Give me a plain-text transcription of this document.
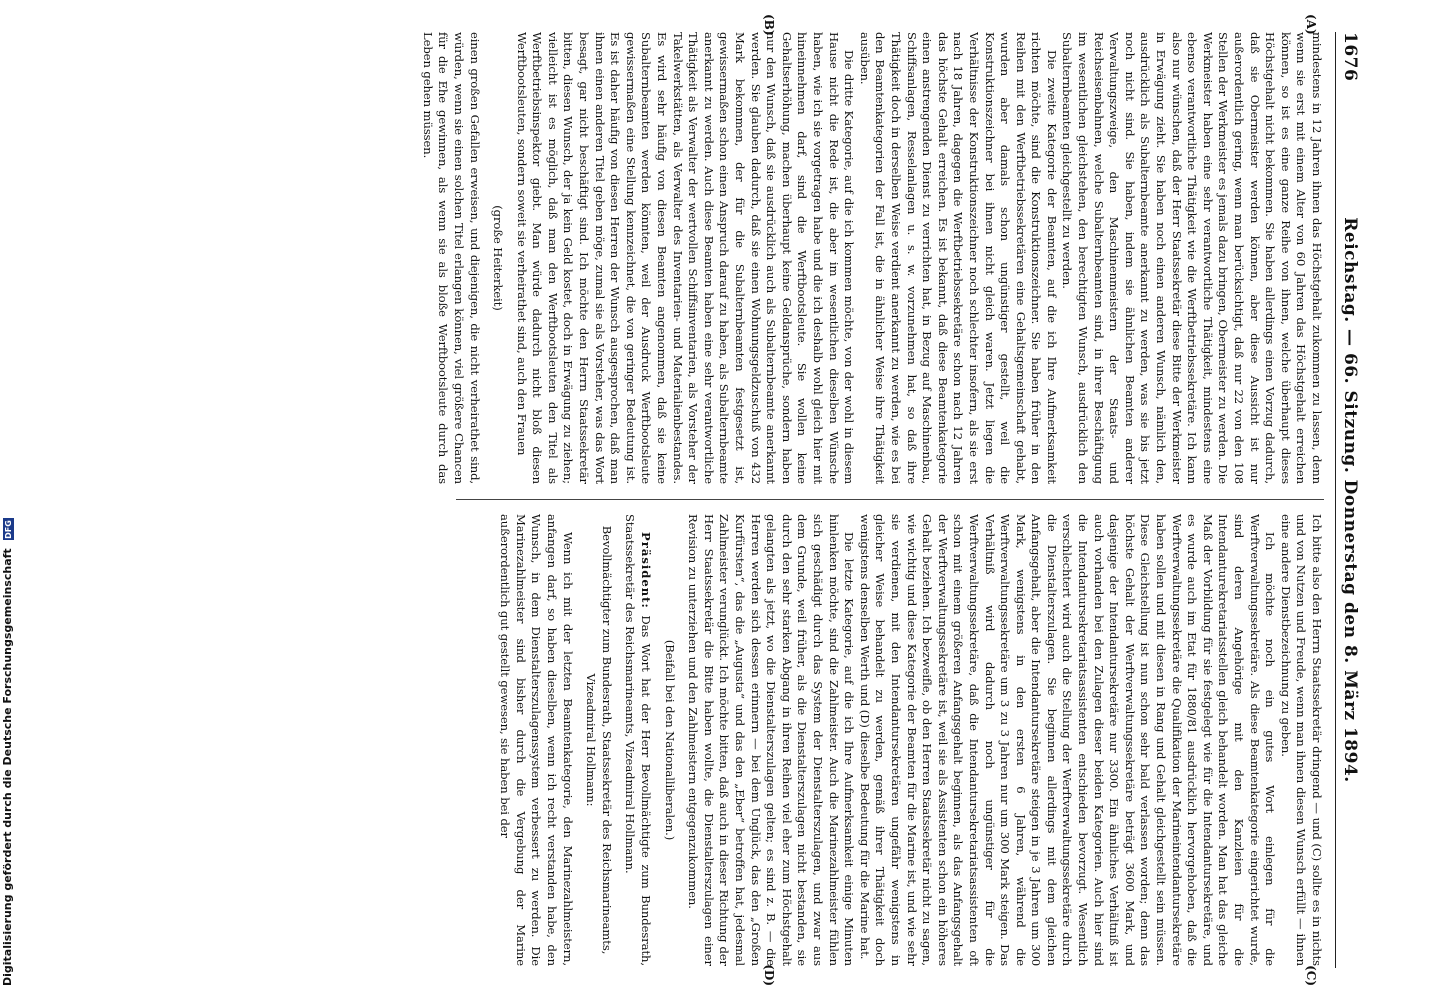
1676
Reichstag. — 66. Sitzung. Donnerstag den 8. März 1894.
(A)
(B)
(C)
(D)

mindestens in 12 Jahren ihnen das Höchstgehalt zukommen zu lassen, denn wenn sie erst mit einem Alter von 60 Jahren das Höchstgehalt erreichen können, so ist es eine ganze Reihe von ihnen, welche überhaupt dieses Höchstgehalt nicht bekommen. Sie haben allerdings einen Vorzug dadurch, daß sie Obermeister werden können, aber diese Aussicht ist nur außerordentlich gering, wenn man berücksichtigt, daß nur 22 von den 108 Stellen der Werkmeister es jemals dazu bringen, Obermeister zu werden. Die Werkmeister haben eine sehr verantwortliche Thätigkeit, mindestens eine ebenso verantwortliche Thätigkeit wie die Werftbetriebssekretäre. Ich kann also nur wünschen, daß der Herr Staatssekretär diese Bitte der Werkmeister in Erwägung zieht. Sie haben noch einen anderen Wunsch, nämlich den, ausdrücklich als Subalternbeamte anerkannt zu werden, was sie bis jetzt noch nicht sind. Sie haben, indem sie ähnlichen Beamten anderer Verwaltungszweige, den Maschinenmeistern der Staats- und Reichseisenbahnen, welche Subalternbeamten sind, in ihrer Beschäftigung im wesentlichen gleichstehen, den berechtigten Wunsch, ausdrücklich den Subalternbeamten gleichgestellt zu werden.

Die zweite Kategorie der Beamten, auf die ich Ihre Aufmerksamkeit richten möchte, sind die Konstruktionszeichner. Sie haben früher in den Reihen mit den Werftbetriebssekretären eine Gehaltsgemeinschaft gehabt, wurden aber damals schon ungünstiger gestellt, weil die Konstruktionszeichner bei ihnen nicht gleich waren. Jetzt liegen die Verhältnisse der Konstruktionszeichner noch schlechter insofern, als sie erst nach 18 Jahren, dagegen die Werftbetriebssekretäre schon nach 12 Jahren das höchste Gehalt erreichen. Es ist bekannt, daß diese Beamtenkategorie einen anstrengenden Dienst zu verrichten hat, in Bezug auf Maschinenbau, Schiffsanlagen, Resselanlagen u. s. w. vorzunehmen hat, so daß ihre Thätigkeit doch in derselben Weise verdient anerkannt zu werden, wie es bei den Beamtenkategorien der Fall ist, die in ähnlicher Weise ihre Thätigkeit ausüben.

Die dritte Kategorie, auf die ich kommen möchte, von der wohl in diesem Hause nicht die Rede ist, die aber im wesentlichen dieselben Wünsche haben, wie ich sie vorgetragen habe und die ich deshalb wohl gleich hier mit hineinnehmen darf, sind die Werftbootsleute. Sie wollen keine Gehaltserhöhung, machen überhaupt keine Geldansprüche, sondern haben nur den Wunsch, daß sie ausdrücklich auch als Subalternbeamte anerkannt werden. Sie glauben dadurch, daß sie einen Wohnungsgeldzuschuß von 432 Mark bekommen, der für die Subalternbeamten festgesetzt ist, gewissermaßen schon einen Anspruch darauf zu haben, als Subalternbeamte anerkannt zu werden. Auch diese Beamten haben eine sehr verantwortliche Thätigkeit als Verwalter der wertvollen Schiffsinventarien, als Vorsteher der Takelwerkstätten, als Verwalter des Inventarien- und Materialienbestandes. Es wird sehr häufig von diesen Beamten angenommen, daß sie keine Subalternbeamten werden könnten, weil der Ausdruck Werftbootsleute gewissermaßen eine Stellung kennzeichnet, die von geringer Bedeutung ist. Es ist daher häufig von diesen Herren der Wunsch ausgesprochen, daß man ihnen einen anderen Titel geben möge, zumal sie als Vorsteher, was das Wort besagt, gar nicht beschäftigt sind. Ich möchte den Herrn Staatssekretär bitten, diesen Wunsch, der ja kein Geld kostet, doch in Erwägung zu ziehen; vielleicht ist es möglich, daß man den Werftbootsleuten den Titel als Werftbetriebsinspektor giebt. Man würde dadurch nicht bloß diesen Werftbootsleuten, sondern soweit sie verheirathet sind, auch den Frauen

(große Heiterkeit)

einen großen Gefallen erweisen, und diejenigen, die nicht verheirathet sind, würden, wenn sie einen solchen Titel erlangen können, viel größere Chancen für die Ehe gewinnen, als wenn sie als bloße Werftbootsleute durch das Leben gehen müssen.

Ich bitte also den Herrn Staatssekretär dringend — und (C) sollte es in nichts und von Nutzen und Freude, wenn man ihnen diesen Wunsch erfüllt — ihnen eine andere Dienstbezeichnung zu geben.

Ich möchte noch ein gutes Wort einlegen für die Werftverwaltungssekretäre. Als diese Beamtenkategorie eingerichtet wurde, sind deren Angehörige mit den Kanzleien für die Intendanturekretariatsstellen gleich behandelt worden. Man hat das gleiche Maß der Vorbildung für sie festgelegt wie für die Intendantursekretäre, und es wurde auch im Etat für 1880/81 ausdrücklich hervorgehoben, daß die Werftverwaltungssekretäre die Qualifikation der Marineintendantursekretäre haben sollen und mit diesen in Rang und Gehalt gleichgestellt sein müssen. Diese Gleichstellung ist nun schon sehr bald verlassen worden; denn das höchste Gehalt der Werftverwaltungssekretäre beträgt 3600 Mark, und dasjenige der Intendantursekretäre nur 3300. Ein ähnliches Verhältniß ist auch vorhanden bei den Zulagen dieser beiden Kategorien. Auch hier sind die Intendantursekretariatsassistenten entschieden bevorzugt. Wesentlich verschlechtert wird auch die Stellung der Werftverwaltungssekretäre durch die Dienstalterszulagen. Sie beginnen allerdings mit dem gleichen Anfangsgehalt, aber die Intendantursekretäre steigen in je 3 Jahren um 300 Mark, wenigstens in den ersten 6 Jahren, während die Werftverwaltungssekretäre um 3 zu 3 Jahren nur um 300 Mark steigen. Das Verhältniß wird dadurch noch ungünstiger für die Werftverwaltungssekretäre, daß die Intendantursekretariatsassistenten oft schon mit einem größeren Anfangsgehalt beginnen, als das Anfangsgehalt der Werftverwaltungssekretäre ist, weil sie als Assistenten schon ein höheres Gehalt beziehen. Ich bezweifle, ob den Herren Staatssekretär nicht zu sagen, wie wichtig und diese Kategorie der Beamten für die Marine ist, und wie sehr sie verdienen, mit den Intendantursekretären ungefähr wenigstens in gleicher Weise behandelt zu werden, gemäß ihrer Thätigkeit doch wenigstens denselben Werth und (D) dieselbe Bedeutung für die Marine hat.

Die letzte Kategorie, auf die ich Ihre Aufmerksamkeit einige Minuten hinlenken möchte, sind die Zahlmeister. Auch die Marinezahlmeister fühlen sich geschädigt durch das System der Dienstalterszulagen, und zwar aus dem Grunde, weil früher, als die Dienstalterszulagen nicht bestanden, sie durch den sehr starken Abgang in ihren Reihen viel eher zum Höchstgehalt gelangten als jetzt, wo die Dienstalterszulagen gelten; es sind z. B. — die Herren werden sich dessen erinnern — bei dem Unglück, das den „Großen Kurfürsten“, das die „Augusta“ und das den „Eber“ betroffen hat, jedesmal Zahlmeister verunglückt. Ich möchte bitten, daß auch in dieser Richtung der Herr Staatssekretär die Bitte haben wollte, die Dienstalterszulagen einer Revision zu unterziehen und den Zahlmeistern entgegenzukommen.

(Beifall bei den Nationalliberalen.)

Präsident: Das Wort hat der Herr Bevollmächtigte zum Bundesrath, Staatssekretär des Reichsmarineamts, Vizeadmiral Hollmann.

Bevollmächtigter zum Bundesrath, Staatssekretär des Reichsmarineamts, Vizeadmiral Hollmann:

Wenn ich mit der letzten Beamtenkategorie, den Marinezahlmeistern, anfangen darf, so haben dieselben, wenn ich recht verstanden habe, den Wunsch, in dem Dienstalterszulagenssystem verbessert zu werden. Die Marinezahlmeister sind bisher durch die Vergebung der Marine außerordentlich gut gestellt gewesen, sie haben bei der

Digitalisierung gefördert durch die Deutsche Forschungsgemeinschaft DFG
